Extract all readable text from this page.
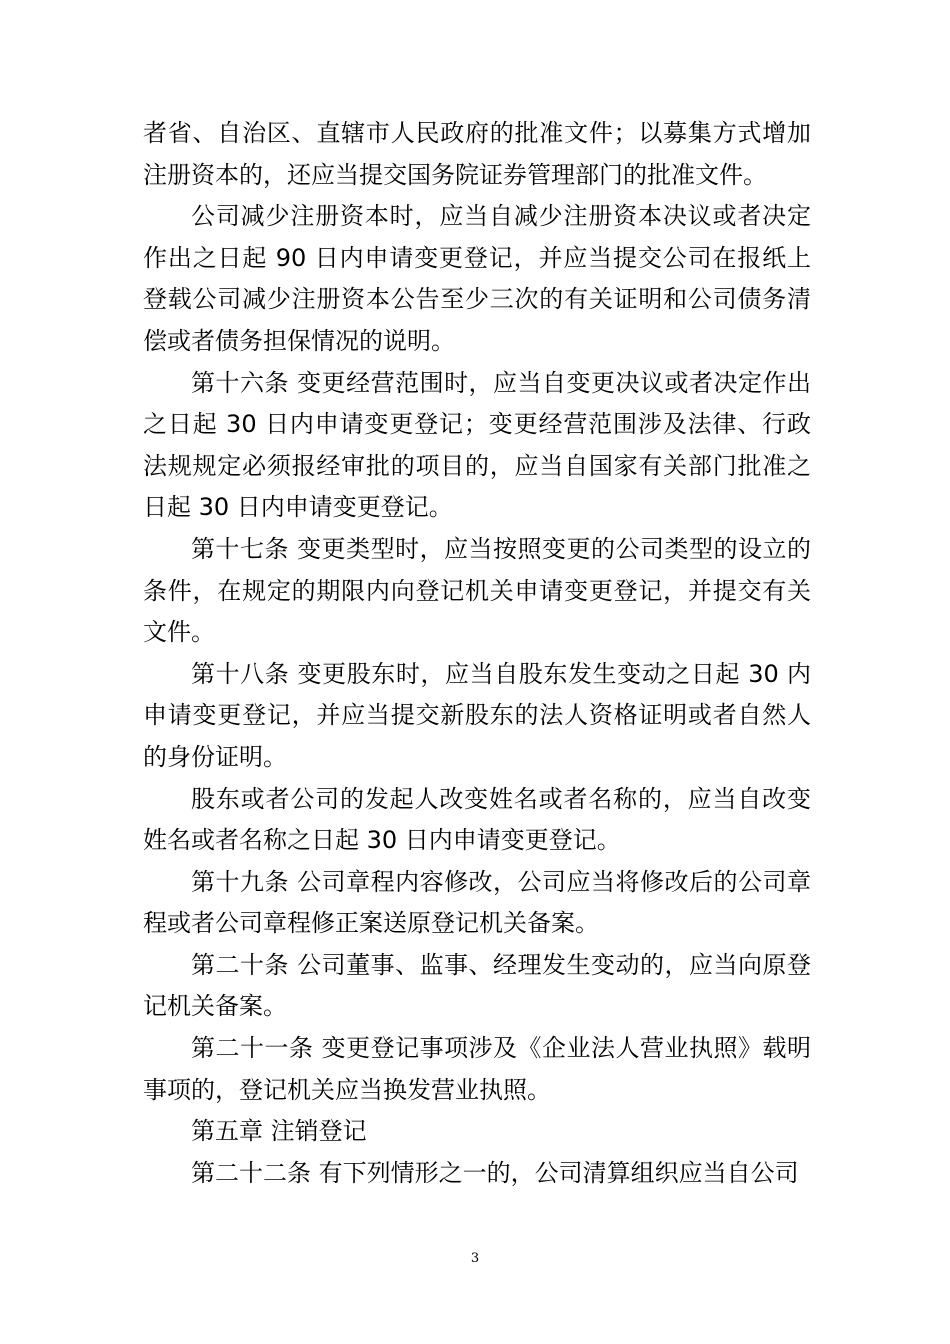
者省、自治区、直辖市人民政府的批准文件；以募集方式增加注册资本的，还应当提交国务院证券管理部门的批准文件。

公司减少注册资本时，应当自减少注册资本决议或者决定作出之日起 90 日内申请变更登记，并应当提交公司在报纸上登载公司减少注册资本公告至少三次的有关证明和公司债务清偿或者债务担保情况的说明。

第十六条 变更经营范围时，应当自变更决议或者决定作出之日起 30 日内申请变更登记；变更经营范围涉及法律、行政法规规定必须报经审批的项目的，应当自国家有关部门批准之日起 30 日内申请变更登记。

第十七条 变更类型时，应当按照变更的公司类型的设立的条件，在规定的期限内向登记机关申请变更登记，并提交有关文件。

第十八条 变更股东时，应当自股东发生变动之日起 30 内申请变更登记，并应当提交新股东的法人资格证明或者自然人的身份证明。

股东或者公司的发起人改变姓名或者名称的，应当自改变姓名或者名称之日起 30 日内申请变更登记。

第十九条 公司章程内容修改，公司应当将修改后的公司章程或者公司章程修正案送原登记机关备案。

第二十条 公司董事、监事、经理发生变动的，应当向原登记机关备案。

第二十一条 变更登记事项涉及《企业法人营业执照》载明事项的，登记机关应当换发营业执照。

第五章 注销登记

第二十二条 有下列情形之一的，公司清算组织应当自公司

3
